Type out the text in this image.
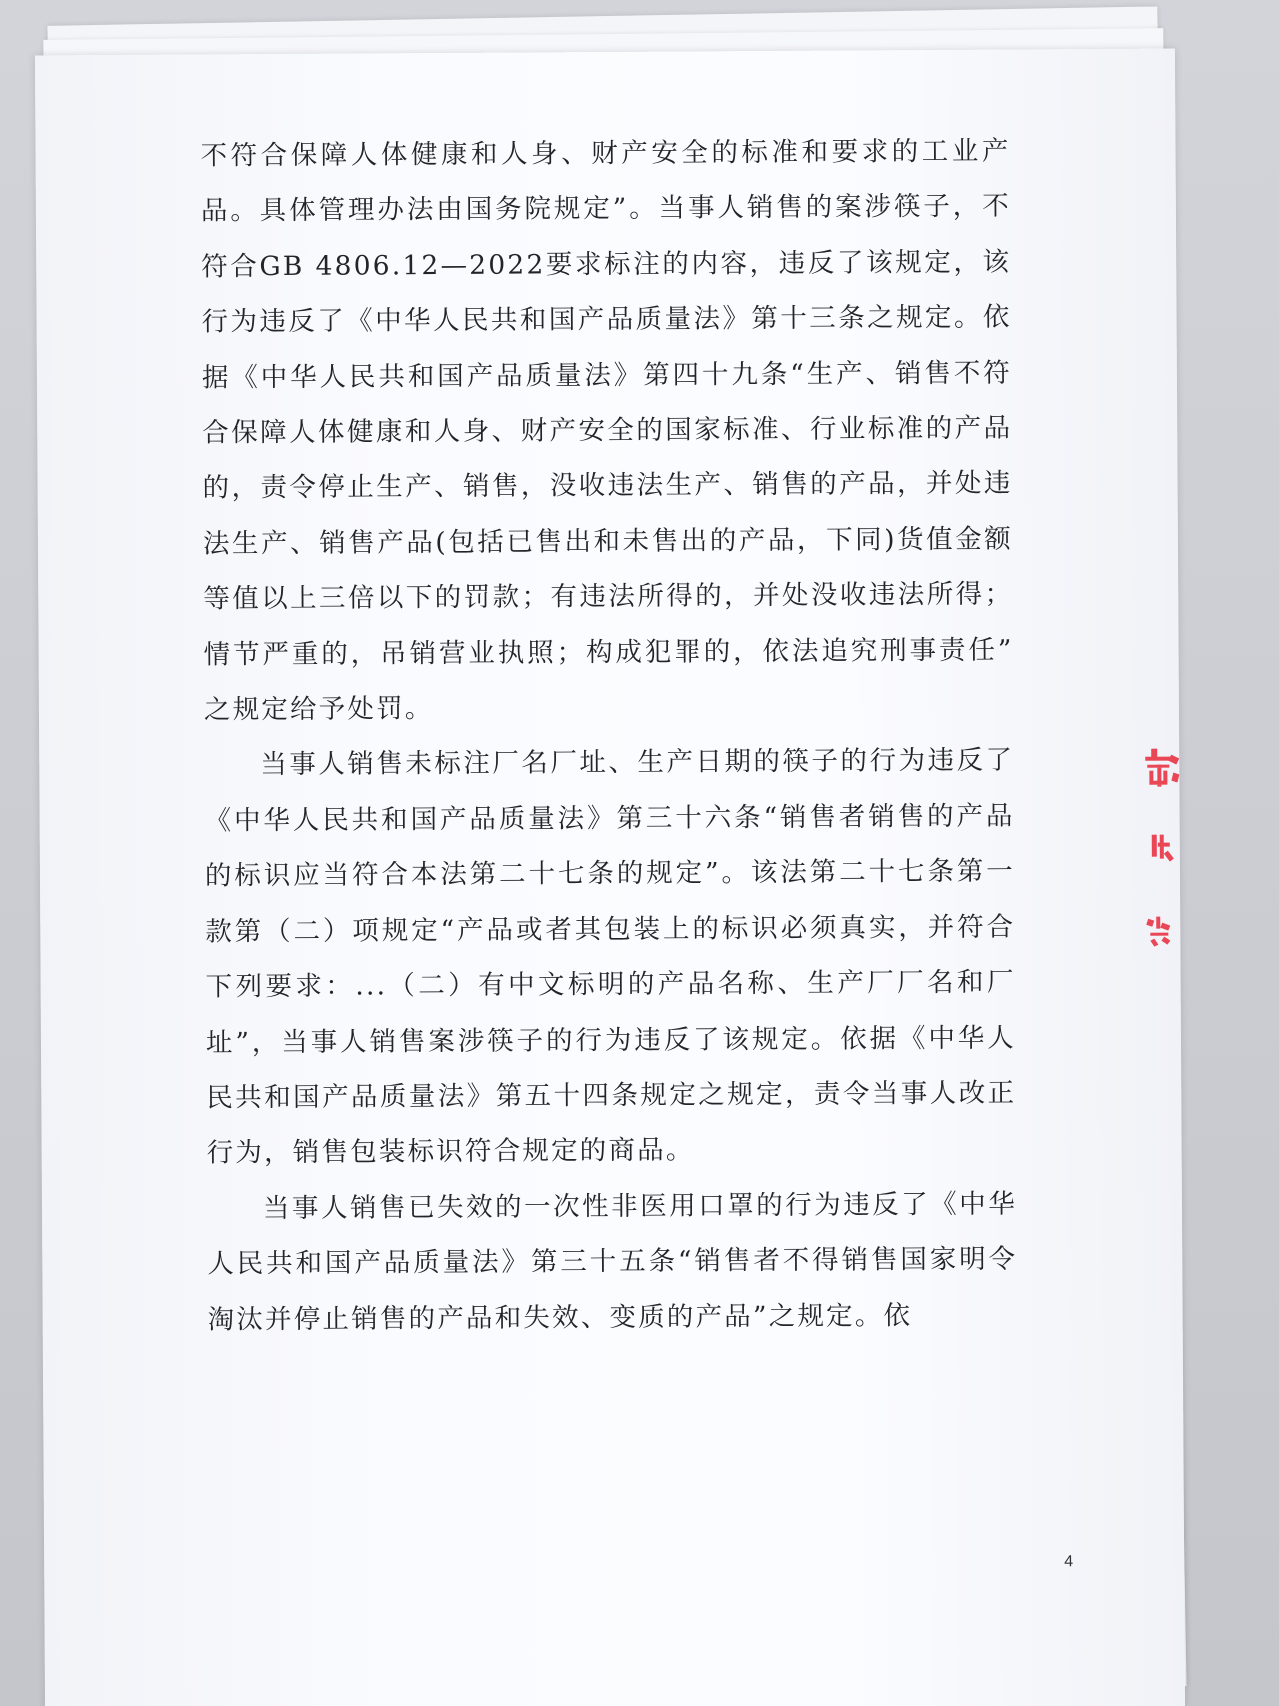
不符合保障人体健康和人身、财产安全的标准和要求的工业产品。具体管理办法由国务院规定”。当事人销售的案涉筷子，不符合GB 4806.12—2022要求标注的内容，违反了该规定，该行为违反了《中华人民共和国产品质量法》第十三条之规定。依据《中华人民共和国产品质量法》第四十九条“生产、销售不符合保障人体健康和人身、财产安全的国家标准、行业标准的产品的，责令停止生产、销售，没收违法生产、销售的产品，并处违法生产、销售产品(包括已售出和未售出的产品，下同)货值金额等值以上三倍以下的罚款；有违法所得的，并处没收违法所得；情节严重的，吊销营业执照；构成犯罪的，依法追究刑事责任”　之规定给予处罚。

当事人销售未标注厂名厂址、生产日期的筷子的行为违反了《中华人民共和国产品质量法》第三十六条“销售者销售的产品的标识应当符合本法第二十七条的规定”。该法第二十七条第一款第（二）项规定“产品或者其包装上的标识必须真实，并符合下列要求：...（二）有中文标明的产品名称、生产厂厂名和厂址”，当事人销售案涉筷子的行为违反了该规定。依据《中华人民共和国产品质量法》第五十四条规定之规定，责令当事人改正行为，销售包装标识符合规定的商品。

当事人销售已失效的一次性非医用口罩的行为违反了《中华人民共和国产品质量法》第三十五条“销售者不得销售国家明令淘汰并停止销售的产品和失效、变质的产品”之规定。依

4
